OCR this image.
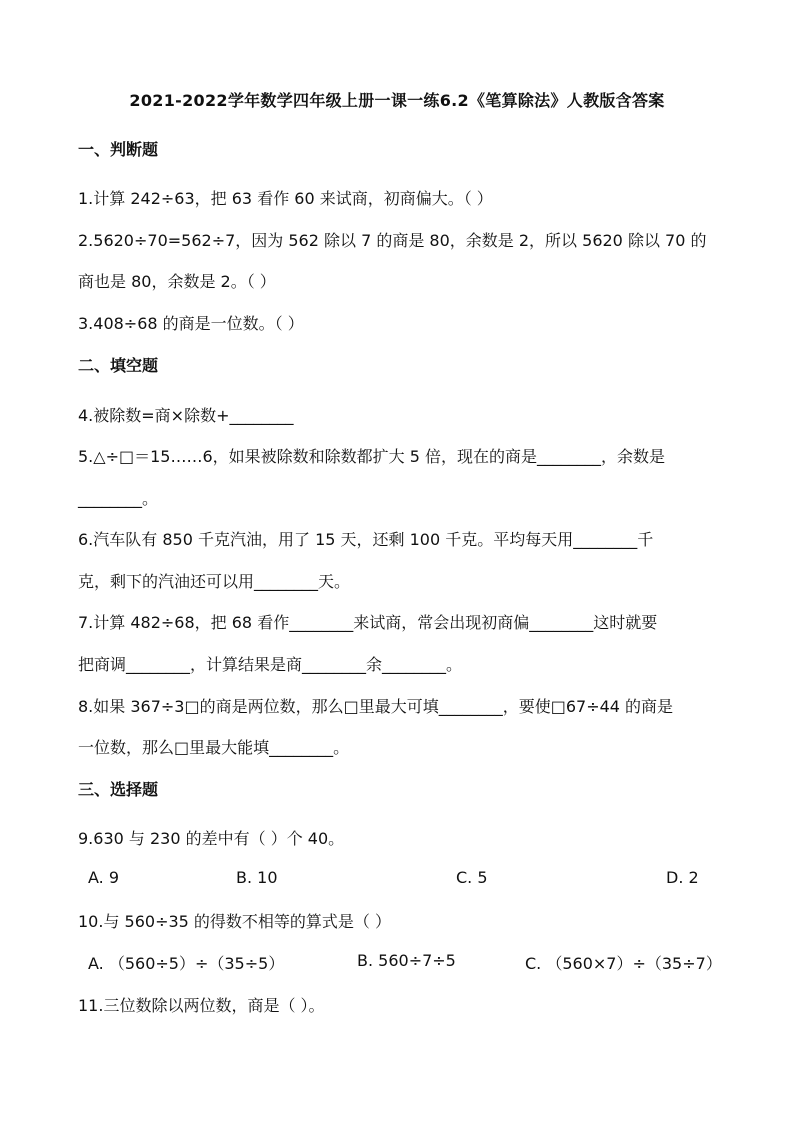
2021-2022学年数学四年级上册一课一练6.2《笔算除法》人教版含答案
一、判断题
1.计算 242÷63，把 63 看作 60 来试商，初商偏大。（ ）
2.5620÷70=562÷7，因为 562 除以 7 的商是 80，余数是 2，所以 5620 除以 70 的
商也是 80，余数是 2。（ ）
3.408÷68 的商是一位数。（ ）
二、填空题
4.被除数=商×除数+________
5.△÷□＝15……6，如果被除数和除数都扩大 5 倍，现在的商是________，余数是
________。
6.汽车队有 850 千克汽油，用了 15 天，还剩 100 千克。平均每天用________千
克，剩下的汽油还可以用________天。
7.计算 482÷68，把 68 看作________来试商，常会出现初商偏________这时就要
把商调________，计算结果是商________余________。
8.如果 367÷3□的商是两位数，那么□里最大可填________，要使□67÷44 的商是
一位数，那么□里最大能填________。
三、选择题
9.630 与 230 的差中有（ ）个 40。
A. 9	B. 10	C. 5	D. 2
10.与 560÷35 的得数不相等的算式是（ ）
A. （560÷5）÷（35÷5）	B. 560÷7÷5	C. （560×7）÷（35÷7）
11.三位数除以两位数，商是（ ）。
